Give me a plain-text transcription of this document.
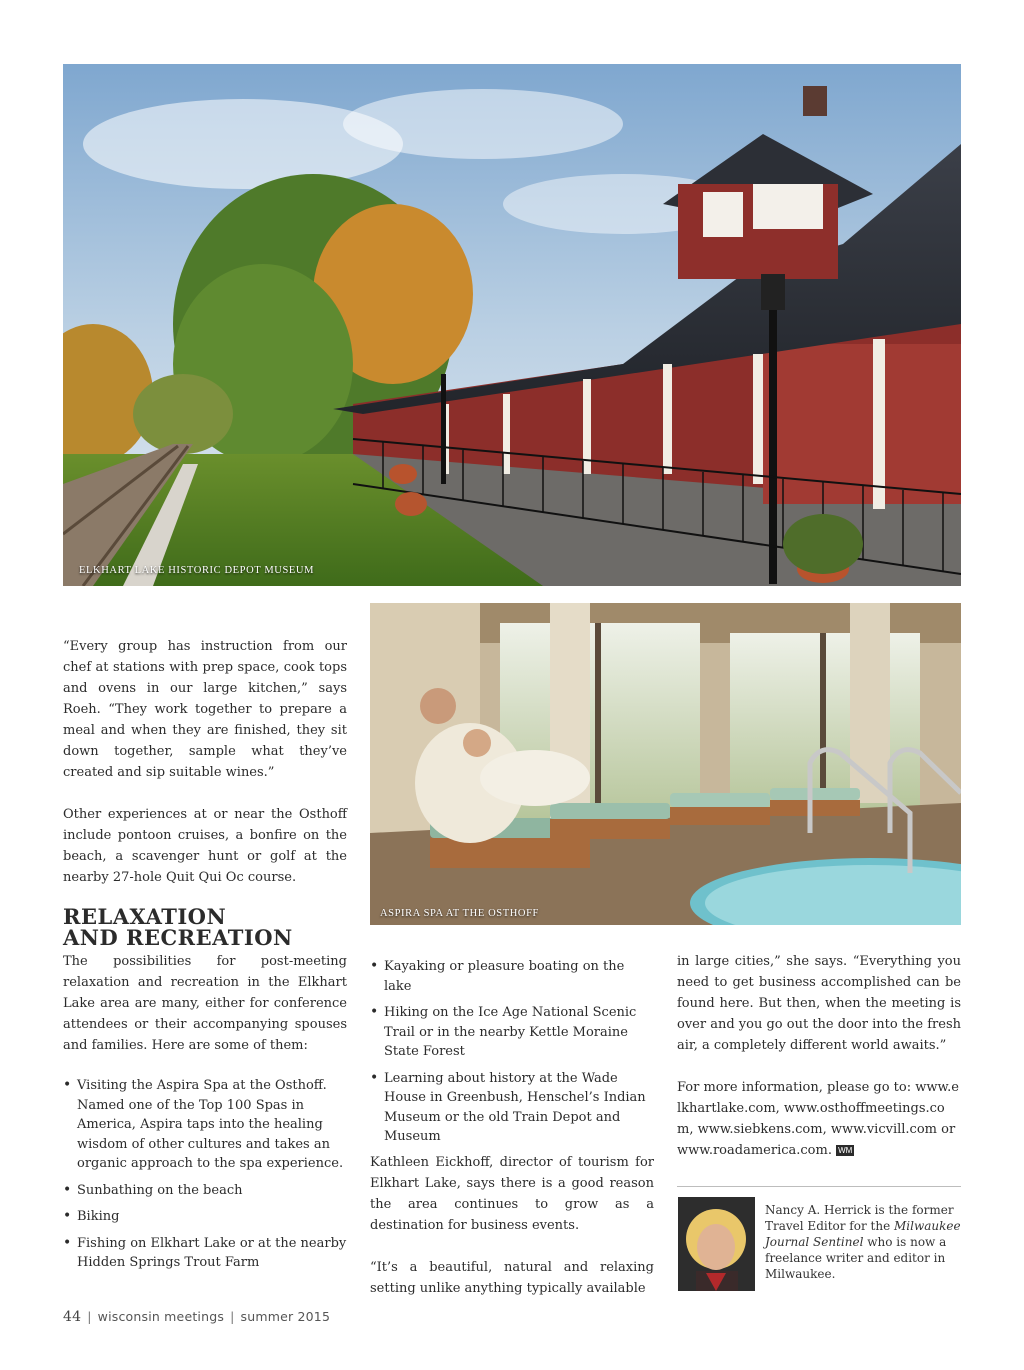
ELKHART LAKE HISTORIC DEPOT MUSEUM
ASPIRA SPA AT THE OSTHOFF

“Every group has instruction from our chef at stations with prep space, cook tops and ovens in our large kitchen,” says Roeh. “They work together to prepare a meal and when they are finished, they sit down together, sample what they’ve created and sip suitable wines.”

Other experiences at or near the Osthoff include pontoon cruises, a bonfire on the beach, a scavenger hunt or golf at the nearby 27-hole Quit Qui Oc course.

RELAXATION
AND RECREATION

The possibilities for post-meeting relaxation and recreation in the Elkhart Lake area are many, either for conference attendees or their accompanying spouses and families. Here are some of them:

• Visiting the Aspira Spa at the Osthoff. Named one of the Top 100 Spas in America, Aspira taps into the healing wisdom of other cultures and takes an organic approach to the spa experience.
• Sunbathing on the beach
• Biking
• Fishing on Elkhart Lake or at the nearby Hidden Springs Trout Farm
• Kayaking or pleasure boating on the lake
• Hiking on the Ice Age National Scenic Trail or in the nearby Kettle Moraine State Forest
• Learning about history at the Wade House in Greenbush, Henschel’s Indian Museum or the old Train Depot and Museum

Kathleen Eickhoff, director of tourism for Elkhart Lake, says there is a good reason the area continues to grow as a destination for business events.

“It’s a beautiful, natural and relaxing setting unlike anything typically available

in large cities,” she says. “Everything you need to get business accomplished can be found here. But then, when the meeting is over and you go out the door into the fresh air, a completely different world awaits.”

For more information, please go to: www.elkhartlake.com, www.osthoffmeetings.com, www.siebkens.com, www.vicvill.com or www.roadamerica.com. WM

Nancy A. Herrick is the former Travel Editor for the Milwaukee Journal Sentinel who is now a freelance writer and editor in Milwaukee.
44 | wisconsin meetings | summer 2015
